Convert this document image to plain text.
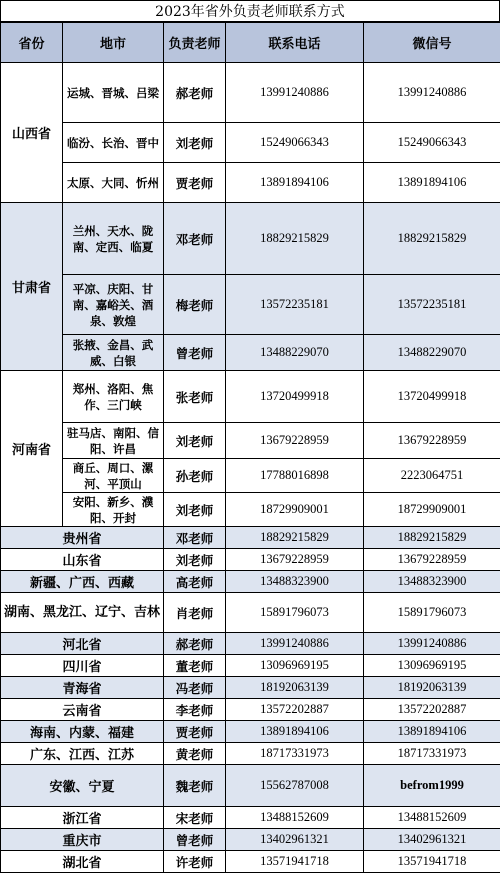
2023年省外负责老师联系方式
省份	地市	负责老师	联系电话	微信号
山西省	运城、晋城、吕梁	郝老师	13991240886	13991240886
	临汾、长治、晋中	刘老师	15249066343	15249066343
	太原、大同、忻州	贾老师	13891894106	13891894106
甘肃省	兰州、天水、陇南、定西、临夏	邓老师	18829215829	18829215829
	平凉、庆阳、甘南、嘉峪关、酒泉、敦煌	梅老师	13572235181	13572235181
	张掖、金昌、武威、白银	曾老师	13488229070	13488229070
河南省	郑州、洛阳、焦作、三门峡	张老师	13720499918	13720499918
	驻马店、南阳、信阳、许昌	刘老师	13679228959	13679228959
	商丘、周口、漯河、平顶山	孙老师	17788016898	2223064751
	安阳、新乡、濮阳、开封	刘老师	18729909001	18729909001
贵州省		邓老师	18829215829	18829215829
山东省		刘老师	13679228959	13679228959
新疆、广西、西藏		高老师	13488323900	13488323900
湖南、黑龙江、辽宁、吉林		肖老师	15891796073	15891796073
河北省		郝老师	13991240886	13991240886
四川省		董老师	13096969195	13096969195
青海省		冯老师	18192063139	18192063139
云南省		李老师	13572202887	13572202887
海南、内蒙、福建		贾老师	13891894106	13891894106
广东、江西、江苏		黄老师	18717331973	18717331973
安徽、宁夏		魏老师	15562787008	befrom1999
浙江省		宋老师	13488152609	13488152609
重庆市		曾老师	13402961321	13402961321
湖北省		许老师	13571941718	13571941718
